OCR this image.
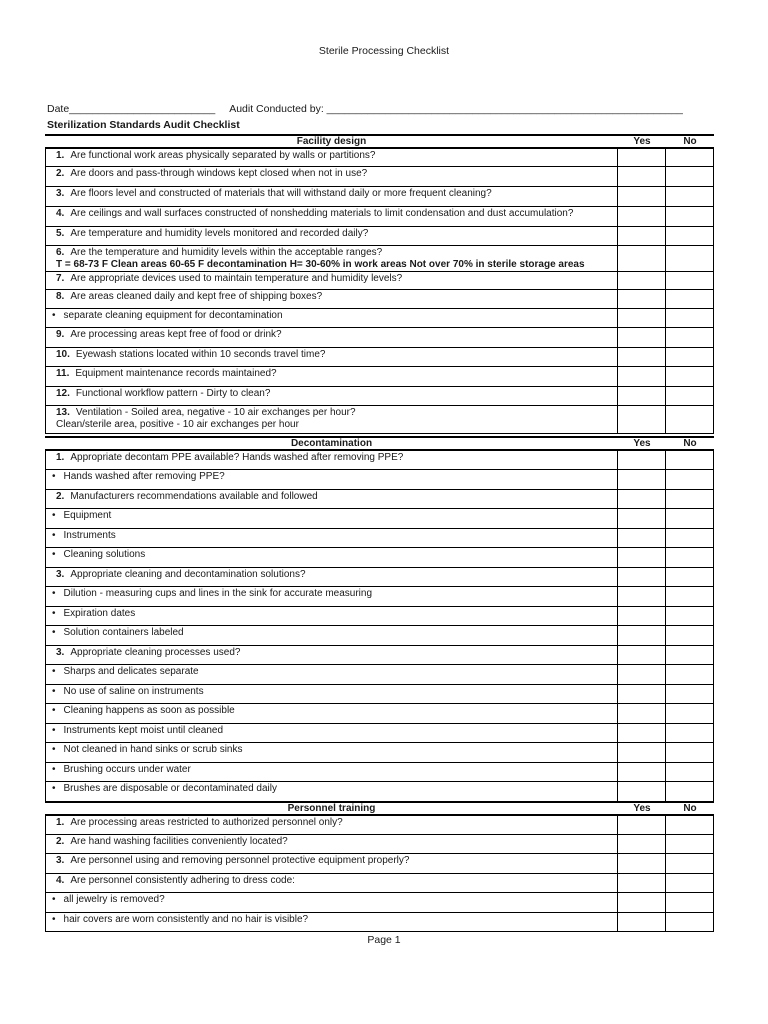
Sterile Processing Checklist
Date_________________________ Audit Conducted by: _____________________________________________________________
Sterilization Standards Audit Checklist
Facility design	Yes	No
1. Are functional work areas physically separated by walls or partitions?
2. Are doors and pass-through windows kept closed when not in use?
3. Are floors level and constructed of materials that will withstand daily or more frequent cleaning?
4. Are ceilings and wall surfaces constructed of nonshedding materials to limit condensation and dust accumulation?
5. Are temperature and humidity levels monitored and recorded daily?
6. Are the temperature and humidity levels within the acceptable ranges?
T = 68-73 F Clean areas 60-65 F decontamination H= 30-60% in work areas Not over 70% in sterile storage areas
7. Are appropriate devices used to maintain temperature and humidity levels?
8. Are areas cleaned daily and kept free of shipping boxes?
• separate cleaning equipment for decontamination
9. Are processing areas kept free of food or drink?
10. Eyewash stations located within 10 seconds travel time?
11. Equipment maintenance records maintained?
12. Functional workflow pattern - Dirty to clean?
13. Ventilation - Soiled area, negative - 10 air exchanges per hour?
Clean/sterile area, positive - 10 air exchanges per hour
Decontamination	Yes	No
1. Appropriate decontam PPE available? Hands washed after removing PPE?
• Hands washed after removing PPE?
2. Manufacturers recommendations available and followed
• Equipment
• Instruments
• Cleaning solutions
3. Appropriate cleaning and decontamination solutions?
• Dilution - measuring cups and lines in the sink for accurate measuring
• Expiration dates
• Solution containers labeled
3. Appropriate cleaning processes used?
• Sharps and delicates separate
• No use of saline on instruments
• Cleaning happens as soon as possible
• Instruments kept moist until cleaned
• Not cleaned in hand sinks or scrub sinks
• Brushing occurs under water
• Brushes are disposable or decontaminated daily
Personnel training	Yes	No
1. Are processing areas restricted to authorized personnel only?
2. Are hand washing facilities conveniently located?
3. Are personnel using and removing personnel protective equipment properly?
4. Are personnel consistently adhering to dress code:
• all jewelry is removed?
• hair covers are worn consistently and no hair is visible?
Page 1
